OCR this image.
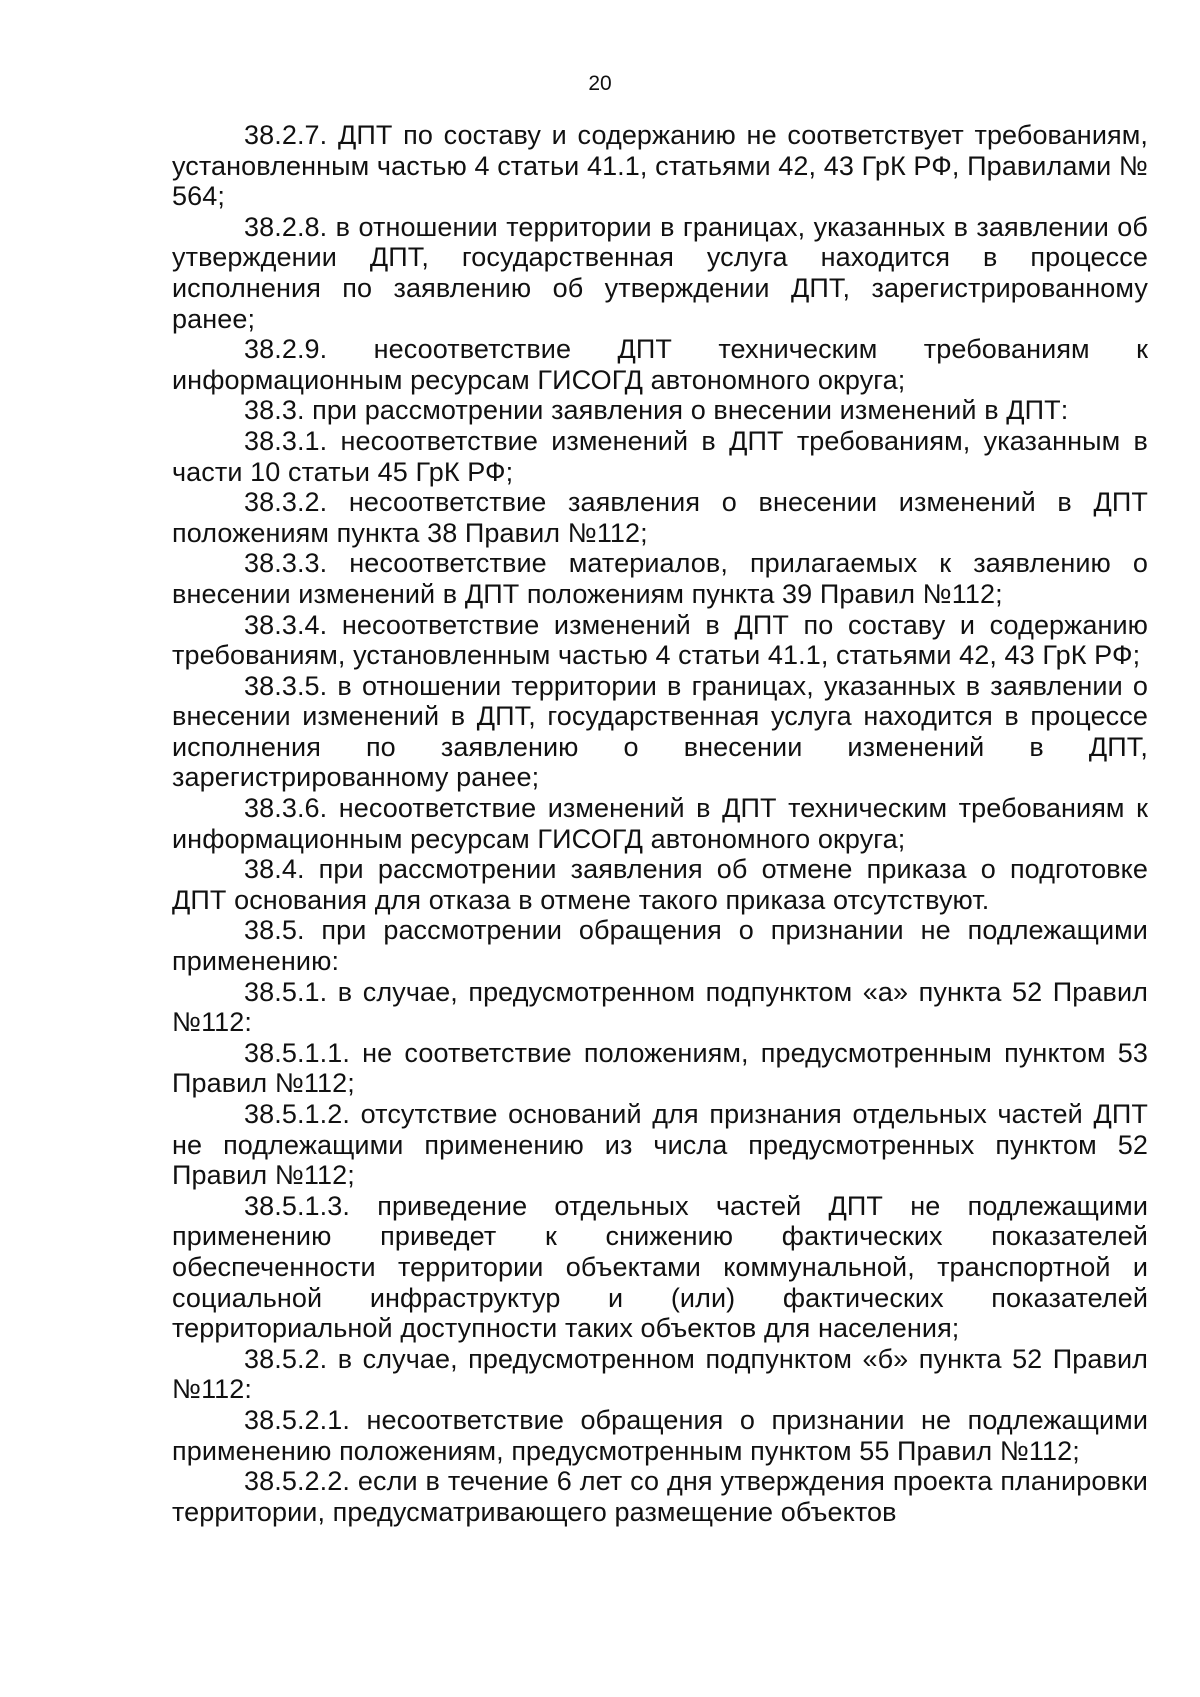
20

38.2.7. ДПТ по составу и содержанию не соответствует требованиям, установленным частью 4 статьи 41.1, статьями 42, 43 ГрК РФ, Правилами № 564;

38.2.8. в отношении территории в границах, указанных в заявлении об утверждении ДПТ, государственная услуга находится в процессе исполнения по заявлению об утверждении ДПТ, зарегистрированному ранее;

38.2.9. несоответствие ДПТ техническим требованиям к информационным ресурсам ГИСОГД автономного округа;

38.3. при рассмотрении заявления о внесении изменений в ДПТ:

38.3.1. несоответствие изменений в ДПТ требованиям, указанным в части 10 статьи 45 ГрК РФ;

38.3.2. несоответствие заявления о внесении изменений в ДПТ положениям пункта 38 Правил №112;

38.3.3. несоответствие материалов, прилагаемых к заявлению о внесении изменений в ДПТ положениям пункта 39 Правил №112;

38.3.4. несоответствие изменений в ДПТ по составу и содержанию требованиям, установленным частью 4 статьи 41.1, статьями 42, 43 ГрК РФ;

38.3.5. в отношении территории в границах, указанных в заявлении о внесении изменений в ДПТ, государственная услуга находится в процессе исполнения по заявлению о внесении изменений в ДПТ, зарегистрированному ранее;

38.3.6. несоответствие изменений в ДПТ техническим требованиям к информационным ресурсам ГИСОГД автономного округа;

38.4. при рассмотрении заявления об отмене приказа о подготовке ДПТ основания для отказа в отмене такого приказа отсутствуют.

38.5. при рассмотрении обращения о признании не подлежащими применению:

38.5.1. в случае, предусмотренном подпунктом «а» пункта 52 Правил №112:

38.5.1.1. не соответствие положениям, предусмотренным пунктом 53 Правил №112;

38.5.1.2. отсутствие оснований для признания отдельных частей ДПТ не подлежащими применению из числа предусмотренных пунктом 52 Правил №112;

38.5.1.3. приведение отдельных частей ДПТ не подлежащими применению приведет к снижению фактических показателей обеспеченности территории объектами коммунальной, транспортной и социальной инфраструктур и (или) фактических показателей территориальной доступности таких объектов для населения;

38.5.2. в случае, предусмотренном подпунктом «б» пункта 52 Правил №112:

38.5.2.1. несоответствие обращения о признании не подлежащими применению положениям, предусмотренным пунктом 55 Правил №112;

38.5.2.2. если в течение 6 лет со дня утверждения проекта планировки территории, предусматривающего размещение объектов
